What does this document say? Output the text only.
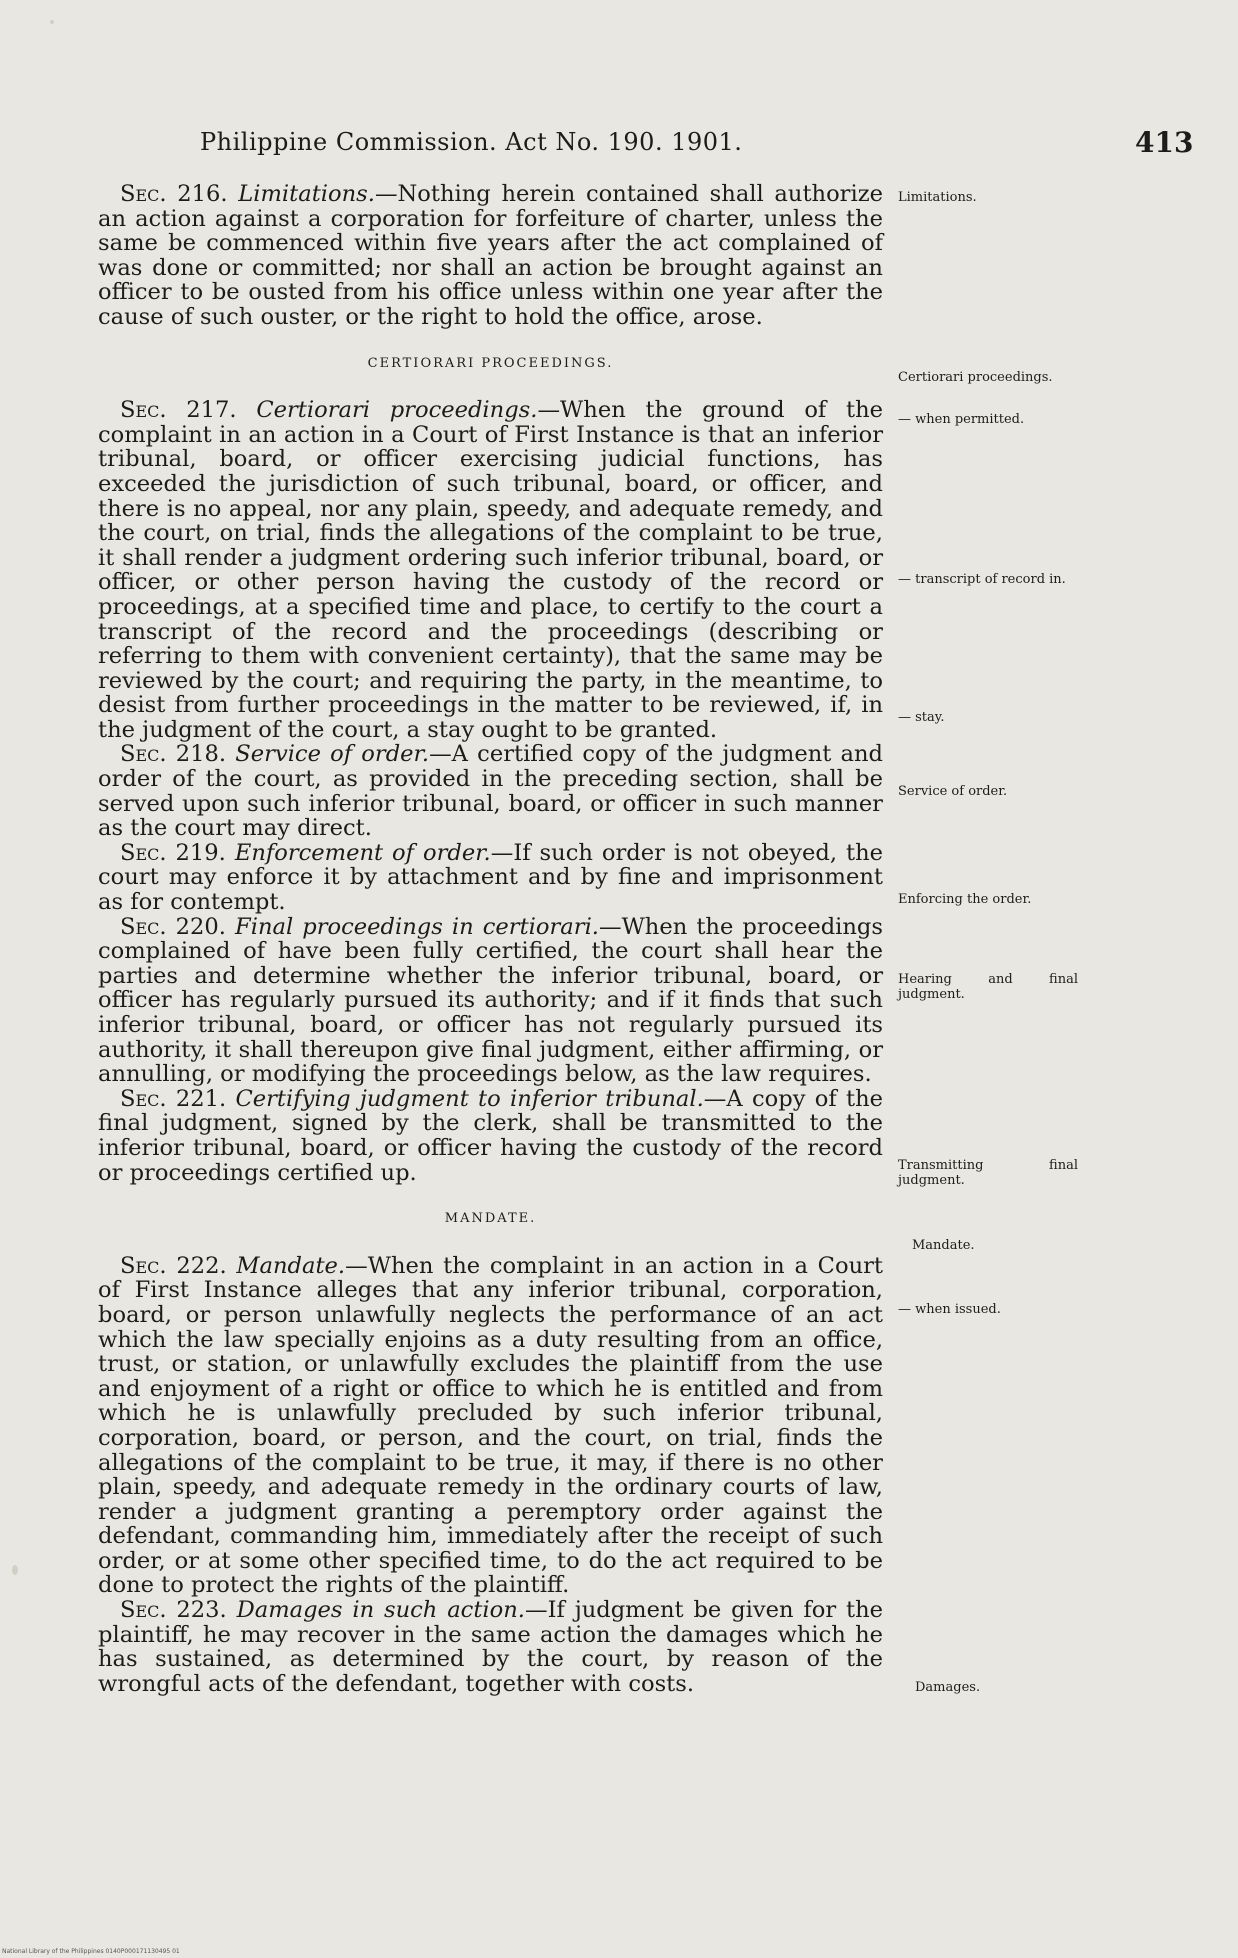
Philippine Commission. Act No. 190. 1901.	413

Sec. 216. Limitations.—Nothing herein contained shall authorize an action against a corporation for forfeiture of charter, unless the same be commenced within five years after the act complained of was done or committed; nor shall an action be brought against an officer to be ousted from his office unless within one year after the cause of such ouster, or the right to hold the office, arose.

CERTIORARI PROCEEDINGS.

Sec. 217. Certiorari proceedings.—When the ground of the complaint in an action in a Court of First Instance is that an inferior tribunal, board, or officer exercising judicial functions, has exceeded the jurisdiction of such tribunal, board, or officer, and there is no appeal, nor any plain, speedy, and adequate remedy, and the court, on trial, finds the allegations of the complaint to be true, it shall render a judgment ordering such inferior tribunal, board, or officer, or other person having the custody of the record or proceedings, at a specified time and place, to certify to the court a transcript of the record and the proceedings (describing or referring to them with convenient certainty), that the same may be reviewed by the court; and requiring the party, in the meantime, to desist from further proceedings in the matter to be reviewed, if, in the judgment of the court, a stay ought to be granted.

Sec. 218. Service of order.—A certified copy of the judgment and order of the court, as provided in the preceding section, shall be served upon such inferior tribunal, board, or officer in such manner as the court may direct.

Sec. 219. Enforcement of order.—If such order is not obeyed, the court may enforce it by attachment and by fine and imprisonment as for contempt.

Sec. 220. Final proceedings in certiorari.—When the proceedings complained of have been fully certified, the court shall hear the parties and determine whether the inferior tribunal, board, or officer has regularly pursued its authority; and if it finds that such inferior tribunal, board, or officer has not regularly pursued its authority, it shall thereupon give final judgment, either affirming, or annulling, or modifying the proceedings below, as the law requires.

Sec. 221. Certifying judgment to inferior tribunal.—A copy of the final judgment, signed by the clerk, shall be transmitted to the inferior tribunal, board, or officer having the custody of the record or proceedings certified up.

MANDATE.

Sec. 222. Mandate.—When the complaint in an action in a Court of First Instance alleges that any inferior tribunal, corporation, board, or person unlawfully neglects the performance of an act which the law specially enjoins as a duty resulting from an office, trust, or station, or unlawfully excludes the plaintiff from the use and enjoyment of a right or office to which he is entitled and from which he is unlawfully precluded by such inferior tribunal, corporation, board, or person, and the court, on trial, finds the allegations of the complaint to be true, it may, if there is no other plain, speedy, and adequate remedy in the ordinary courts of law, render a judgment granting a peremptory order against the defendant, commanding him, immediately after the receipt of such order, or at some other specified time, to do the act required to be done to protect the rights of the plaintiff.

Sec. 223. Damages in such action.—If judgment be given for the plaintiff, he may recover in the same action the damages which he has sustained, as determined by the court, by reason of the wrongful acts of the defendant, together with costs.

Limitations.
Certiorari proceedings.
— when permitted.
— transcript of record in.
— stay.
Service of order.
Enforcing the order.
Hearing and final judgment.
Transmitting final judgment.
Mandate.
— when issued.
Damages.
National Library of the Philippines 0140P000171130495 01
